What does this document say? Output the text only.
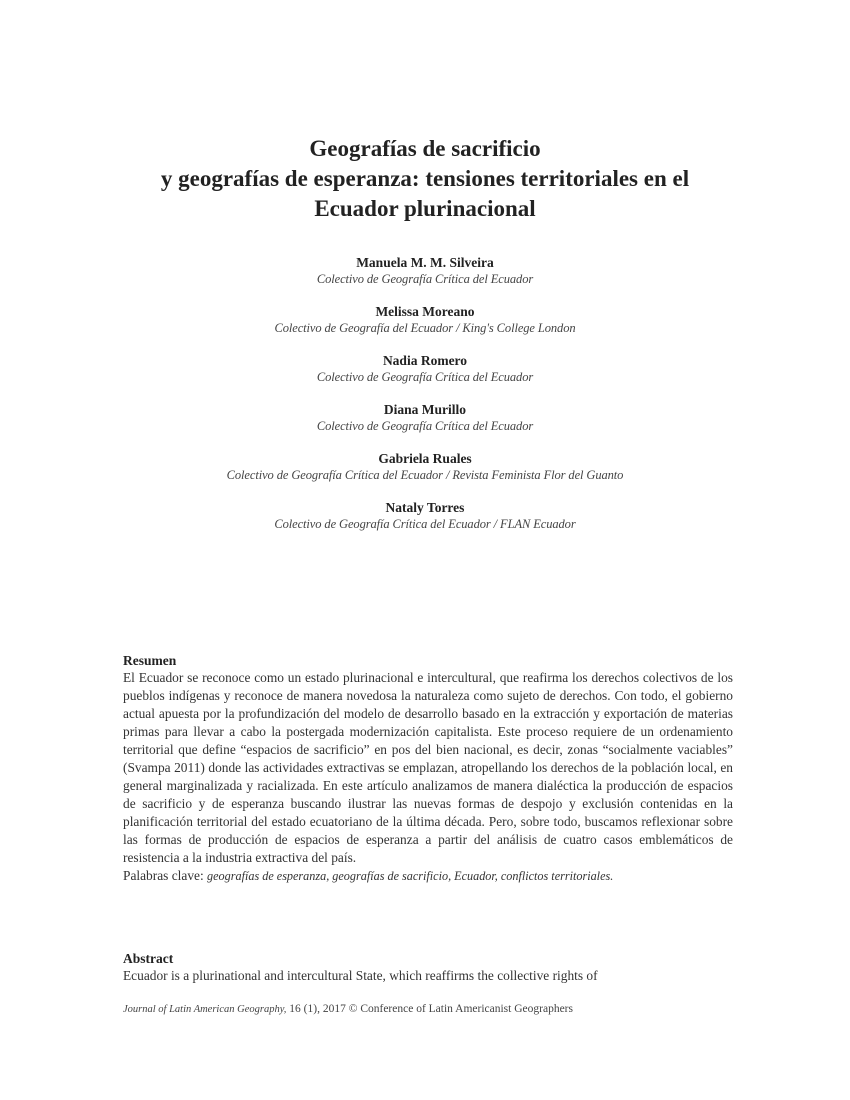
Geografías de sacrificio
y geografías de esperanza: tensiones territoriales en el
Ecuador plurinacional
Manuela M. M. Silveira
Colectivo de Geografía Crítica del Ecuador
Melissa Moreano
Colectivo de Geografía del Ecuador / King's College London
Nadia Romero
Colectivo de Geografía Crítica del Ecuador
Diana Murillo
Colectivo de Geografía Crítica del Ecuador
Gabriela Ruales
Colectivo de Geografía Crítica del Ecuador / Revista Feminista Flor del Guanto
Nataly Torres
Colectivo de Geografía Crítica del Ecuador / FLAN Ecuador
Resumen

El Ecuador se reconoce como un estado plurinacional e intercultural, que reafirma los derechos colectivos de los pueblos indígenas y reconoce de manera novedosa la naturaleza como sujeto de derechos. Con todo, el gobierno actual apuesta por la profundización del modelo de desarrollo basado en la extracción y exportación de materias primas para llevar a cabo la postergada modernización capitalista. Este proceso requiere de un ordenamiento territorial que define “espacios de sacrificio” en pos del bien nacional, es decir, zonas “socialmente vaciables” (Svampa 2011) donde las actividades extractivas se emplazan, atropellando los derechos de la población local, en general marginalizada y racializada. En este artículo analizamos de manera dialéctica la producción de espacios de sacrificio y de esperanza buscando ilustrar las nuevas formas de despojo y exclusión contenidas en la planificación territorial del estado ecuatoriano de la última década. Pero, sobre todo, buscamos reflexionar sobre las formas de producción de espacios de esperanza a partir del análisis de cuatro casos emblemáticos de resistencia a la industria extractiva del país.

Palabras clave: geografías de esperanza, geografías de sacrificio, Ecuador, conflictos territoriales.

Abstract

Ecuador is a plurinational and intercultural State, which reaffirms the collective rights of

Journal of Latin American Geography, 16 (1), 2017 © Conference of Latin Americanist Geographers
